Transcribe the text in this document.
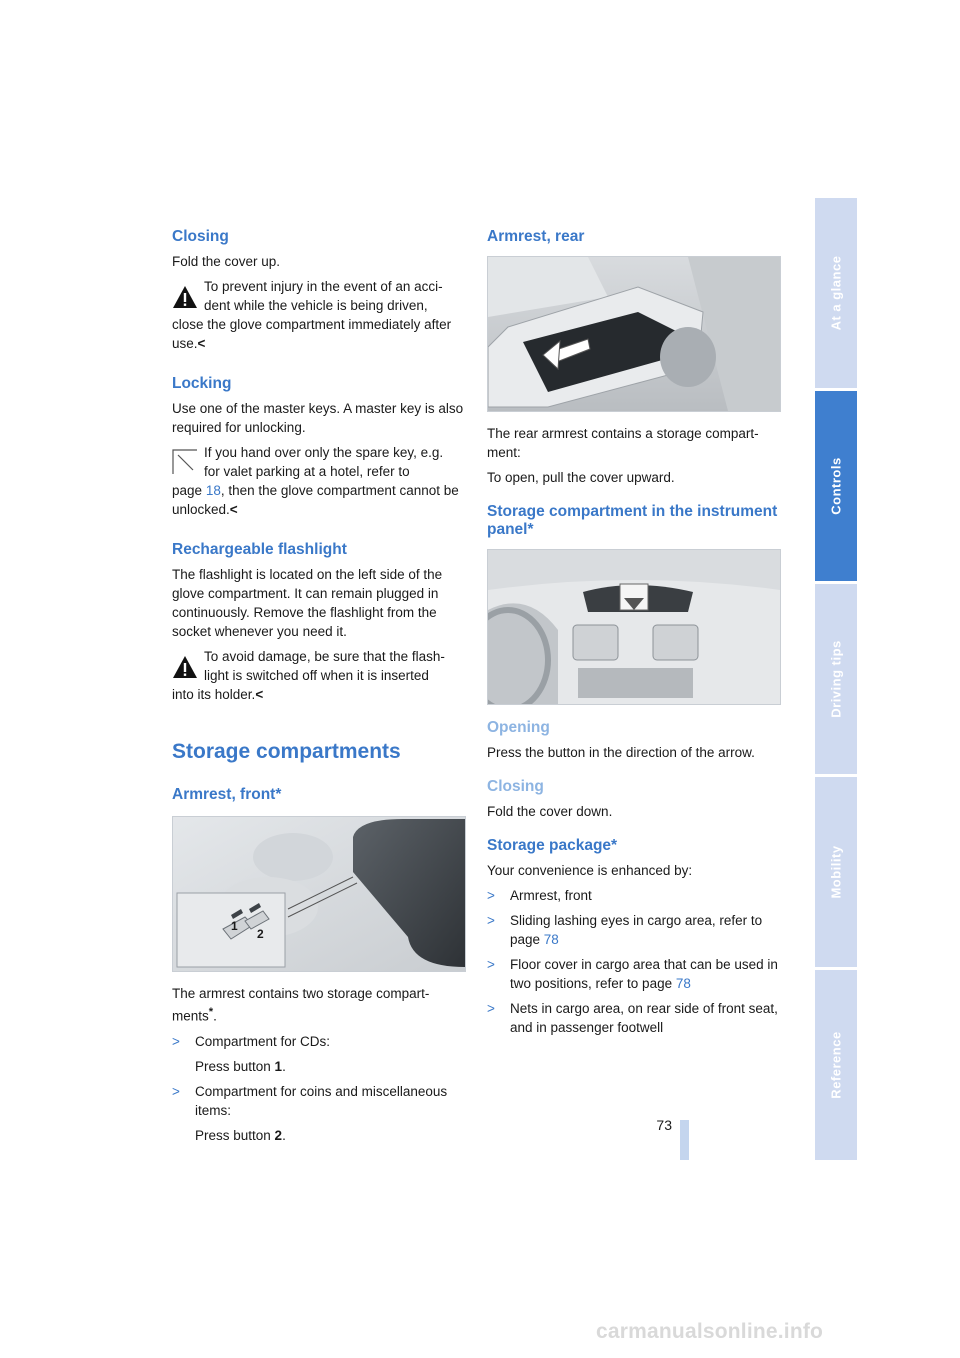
Closing

Fold the cover up.

To prevent injury in the event of an acci-
dent while the vehicle is being driven,
close the glove compartment immediately after use.<
Locking

Use one of the master keys. A master key is also required for unlocking.

If you hand over only the spare key, e.g.
for valet parking at a hotel, refer to
page 18, then the glove compartment cannot be unlocked.<
Rechargeable flashlight

The flashlight is located on the left side of the glove compartment. It can remain plugged in continuously. Remove the flashlight from the socket whenever you need it.

To avoid damage, be sure that the flash-
light is switched off when it is inserted
into its holder.<
Storage compartments
Armrest, front*
1
2

The armrest contains two storage compart-ments*.

> Compartment for CDs:
Press button 1.
> Compartment for coins and miscellaneous items:
Press button 2.
Armrest, rear

The rear armrest contains a storage compart-ment:

To open, pull the cover upward.

Storage compartment in the instrument panel*
Opening

Press the button in the direction of the arrow.

Closing

Fold the cover down.

Storage package*

Your convenience is enhanced by:

> Armrest, front
> Sliding lashing eyes in cargo area, refer to page 78
> Floor cover in cargo area that can be used in two positions, refer to page 78
> Nets in cargo area, on rear side of front seat, and in passenger footwell
At a glance
Controls
Driving tips
Mobility
Reference
73
carmanualsonline.info
